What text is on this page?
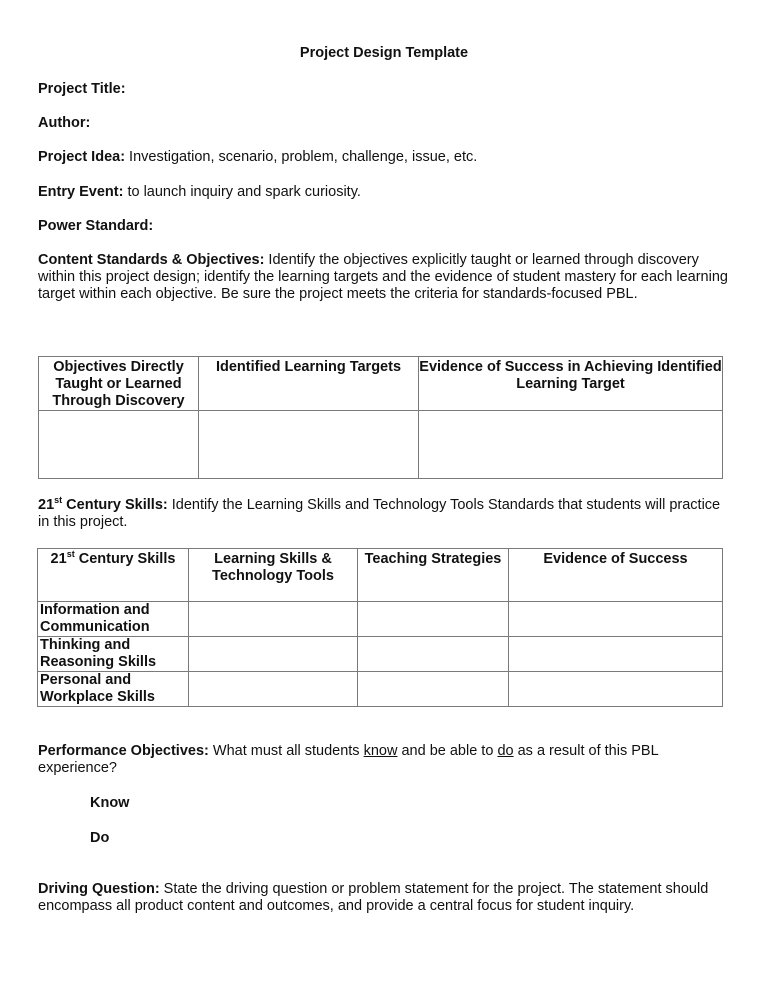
Project Design Template
Project Title:
Author:
Project Idea: Investigation, scenario, problem, challenge, issue, etc.
Entry Event: to launch inquiry and spark curiosity.
Power Standard:
Content Standards & Objectives: Identify the objectives explicitly taught or learned through discovery within this project design; identify the learning targets and the evidence of student mastery for each learning target within each objective. Be sure the project meets the criteria for standards-focused PBL.
Objectives Directly Taught or Learned Through Discovery	Identified Learning Targets	Evidence of Success in Achieving Identified Learning Target

21st Century Skills: Identify the Learning Skills and Technology Tools Standards that students will practice in this project.
21st Century Skills	Learning Skills & Technology Tools	Teaching Strategies	Evidence of Success
Information and Communication			
Thinking and Reasoning Skills			
Personal and Workplace Skills			
Performance Objectives: What must all students know and be able to do as a result of this PBL experience?
Know
Do
Driving Question: State the driving question or problem statement for the project. The statement should encompass all product content and outcomes, and provide a central focus for student inquiry.
